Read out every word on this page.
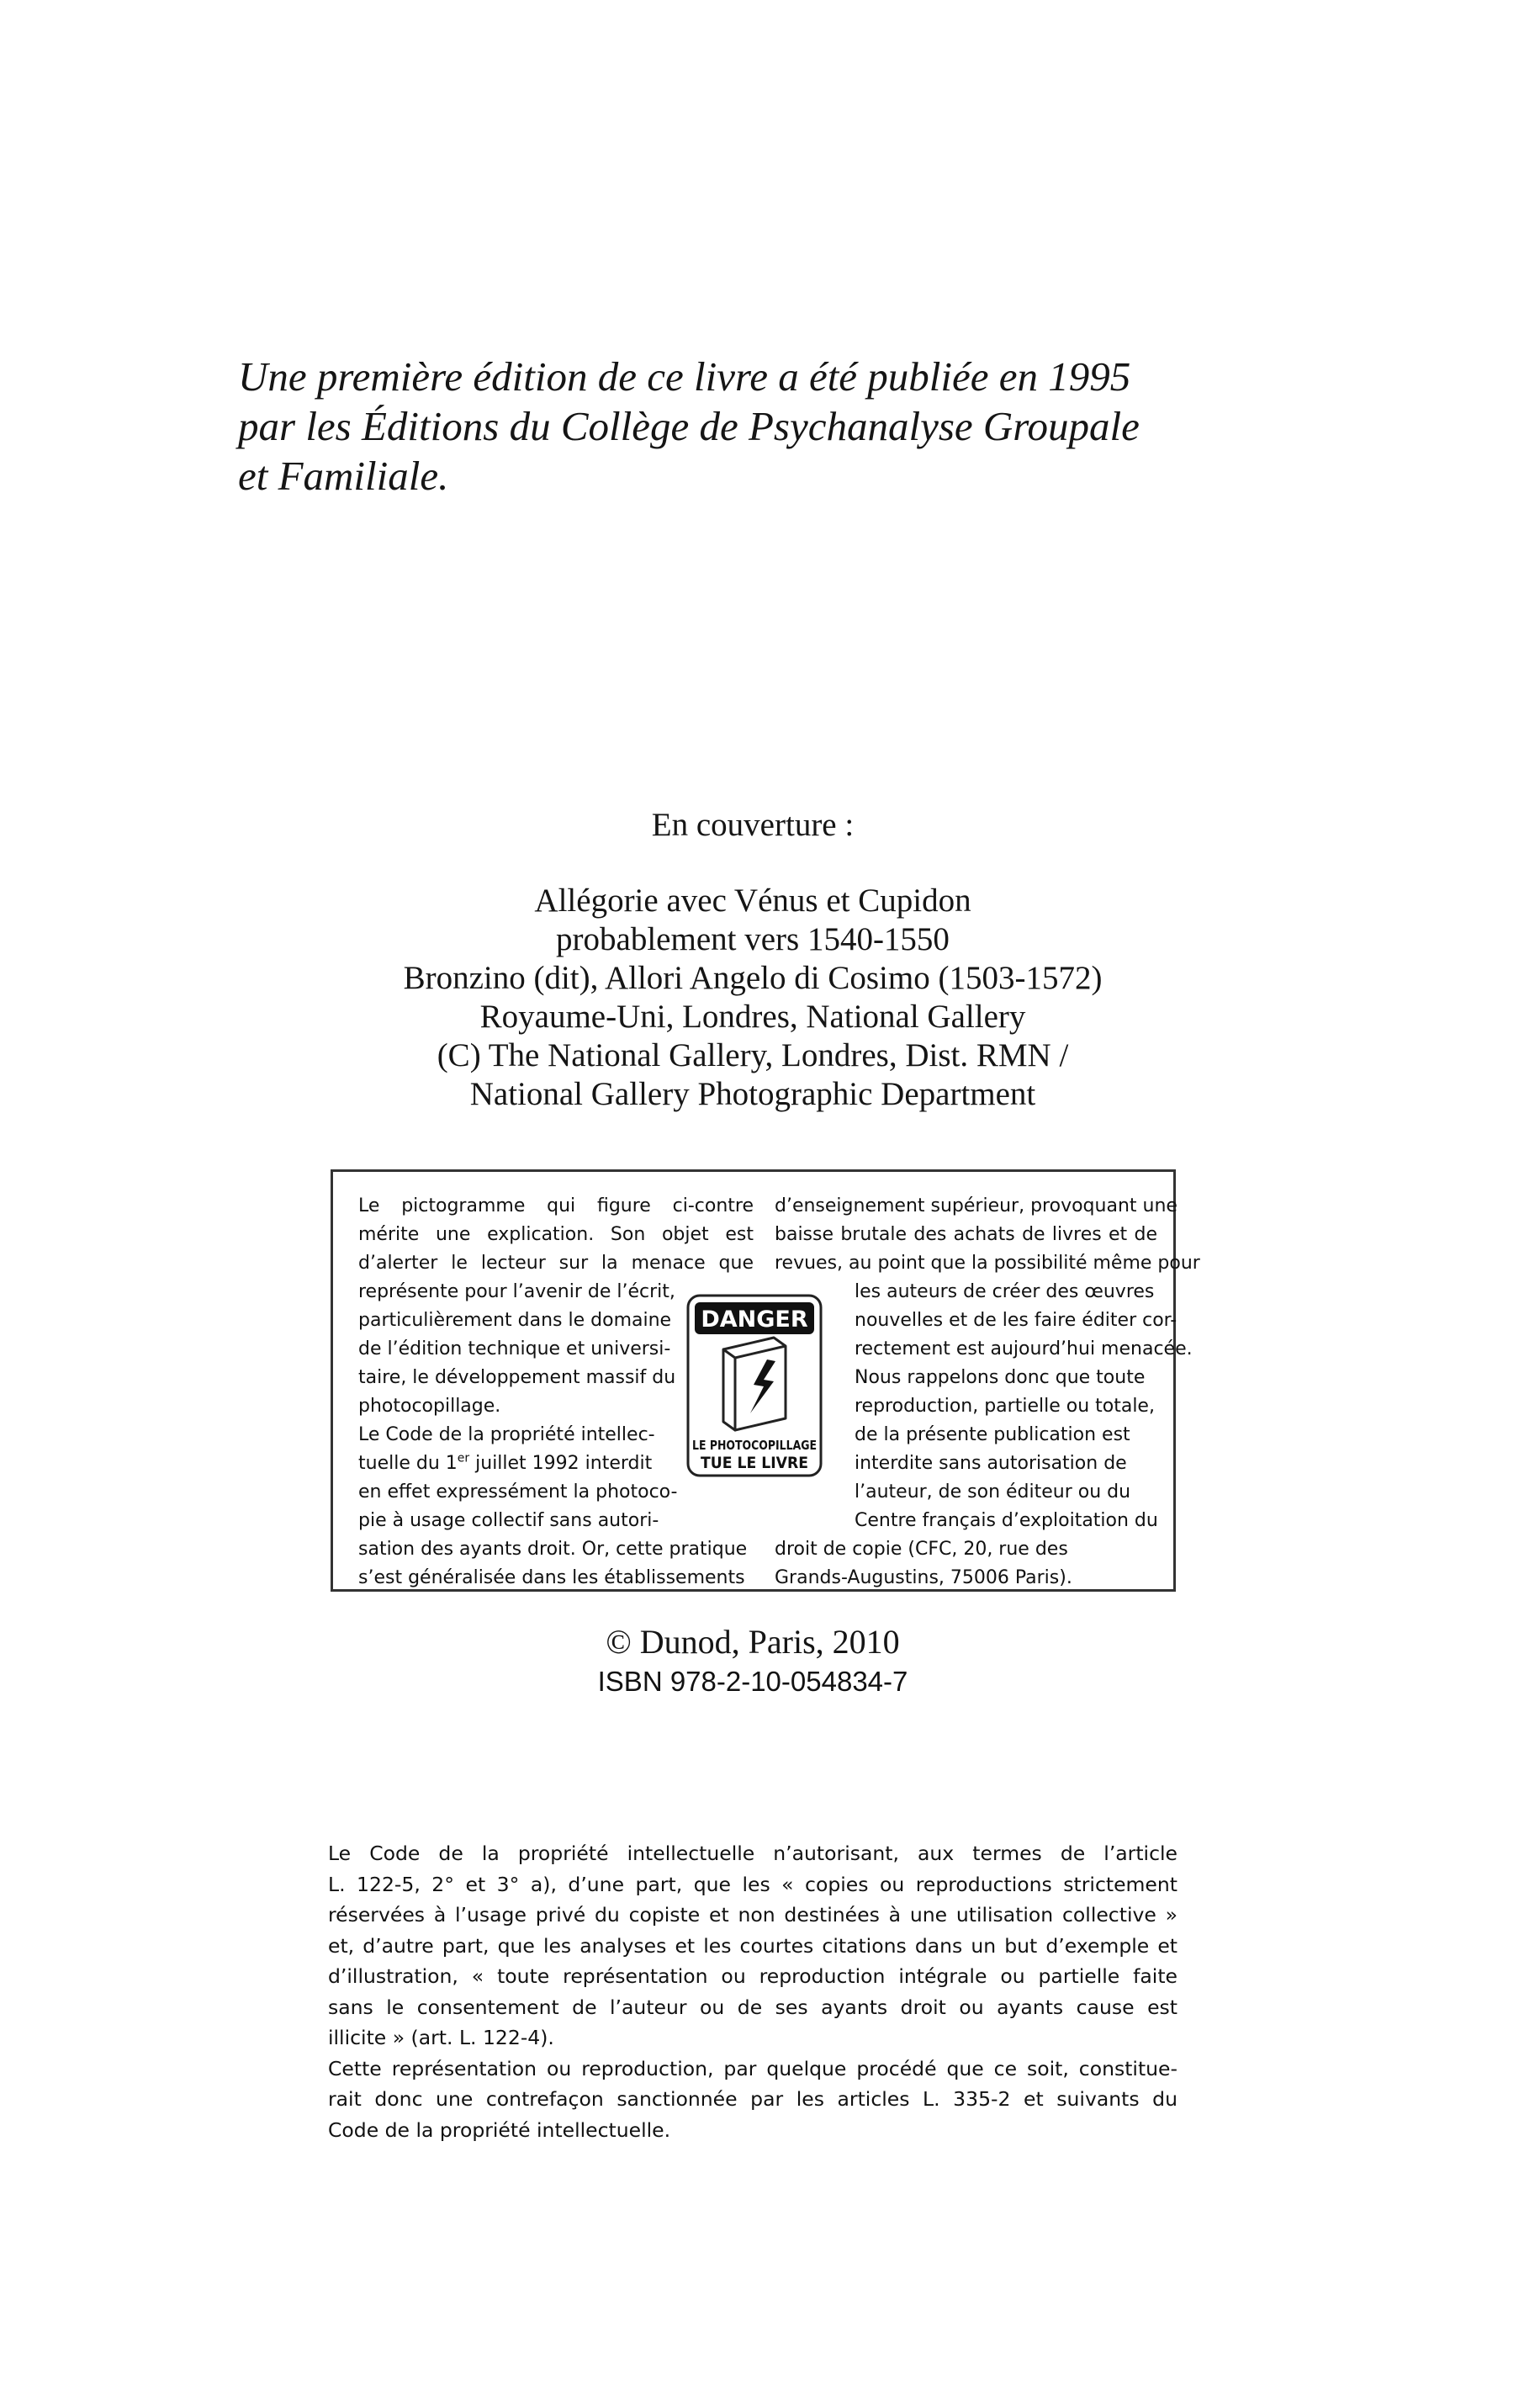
Une première édition de ce livre a été publiée en 1995
par les Éditions du Collège de Psychanalyse Groupale
et Familiale.
En couverture :
Allégorie avec Vénus et Cupidon
probablement vers 1540-1550
Bronzino (dit), Allori Angelo di Cosimo (1503-1572)
Royaume-Uni, Londres, National Gallery
(C) The National Gallery, Londres, Dist. RMN /
National Gallery Photographic Department
Le pictogramme qui figure ci-contre
mérite une explication. Son objet est
d’alerter le lecteur sur la menace que
représente pour l’avenir de l’écrit,
particulièrement dans le domaine
de l’édition technique et universi-
taire, le développement massif du
photocopillage.
Le Code de la propriété intellec-
tuelle du 1er juillet 1992 interdit
en effet expressément la photoco-
pie à usage collectif sans autori-
sation des ayants droit. Or, cette pratique
s’est généralisée dans les établissements
DANGER
LE PHOTOCOPILLAGE
TUE LE LIVRE
d’enseignement supérieur, provoquant une
baisse brutale des achats de livres et de
revues, au point que la possibilité même pour
les auteurs de créer des œuvres
nouvelles et de les faire éditer cor-
rectement est aujourd’hui menacée.
Nous rappelons donc que toute
reproduction, partielle ou totale,
de la présente publication est
interdite sans autorisation de
l’auteur, de son éditeur ou du
Centre français d’exploitation du
droit de copie (CFC, 20, rue des
Grands-Augustins, 75006 Paris).
© Dunod, Paris, 2010
ISBN 978-2-10-054834-7
Le Code de la propriété intellectuelle n’autorisant, aux termes de l’article
L. 122-5, 2° et 3° a), d’une part, que les « copies ou reproductions strictement
réservées à l’usage privé du copiste et non destinées à une utilisation collective »
et, d’autre part, que les analyses et les courtes citations dans un but d’exemple et
d’illustration, « toute représentation ou reproduction intégrale ou partielle faite
sans le consentement de l’auteur ou de ses ayants droit ou ayants cause est
illicite » (art. L. 122-4).
Cette représentation ou reproduction, par quelque procédé que ce soit, constitue-
rait donc une contrefaçon sanctionnée par les articles L. 335-2 et suivants du
Code de la propriété intellectuelle.
